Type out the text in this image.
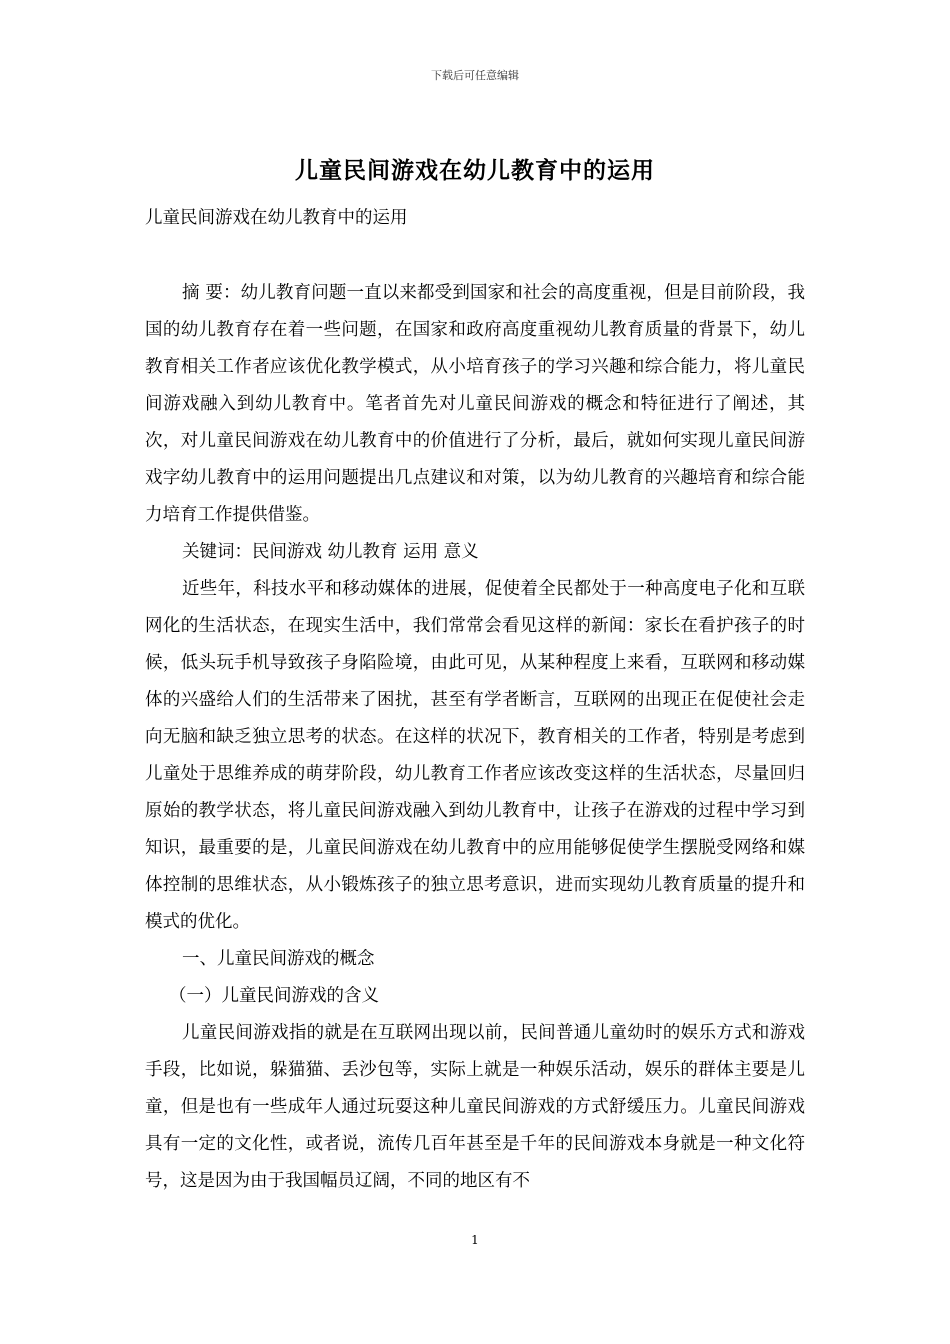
下载后可任意编辑
儿童民间游戏在幼儿教育中的运用

儿童民间游戏在幼儿教育中的运用

摘 要：幼儿教育问题一直以来都受到国家和社会的高度重视，但是目前阶段，我国的幼儿教育存在着一些问题，在国家和政府高度重视幼儿教育质量的背景下，幼儿教育相关工作者应该优化教学模式，从小培育孩子的学习兴趣和综合能力，将儿童民间游戏融入到幼儿教育中。笔者首先对儿童民间游戏的概念和特征进行了阐述，其次，对儿童民间游戏在幼儿教育中的价值进行了分析，最后，就如何实现儿童民间游戏字幼儿教育中的运用问题提出几点建议和对策，以为幼儿教育的兴趣培育和综合能力培育工作提供借鉴。

关键词：民间游戏 幼儿教育 运用 意义

近些年，科技水平和移动媒体的进展，促使着全民都处于一种高度电子化和互联网化的生活状态，在现实生活中，我们常常会看见这样的新闻：家长在看护孩子的时候，低头玩手机导致孩子身陷险境，由此可见，从某种程度上来看，互联网和移动媒体的兴盛给人们的生活带来了困扰，甚至有学者断言，互联网的出现正在促使社会走向无脑和缺乏独立思考的状态。在这样的状况下，教育相关的工作者，特别是考虑到儿童处于思维养成的萌芽阶段，幼儿教育工作者应该改变这样的生活状态，尽量回归原始的教学状态，将儿童民间游戏融入到幼儿教育中，让孩子在游戏的过程中学习到知识，最重要的是，儿童民间游戏在幼儿教育中的应用能够促使学生摆脱受网络和媒体控制的思维状态，从小锻炼孩子的独立思考意识，进而实现幼儿教育质量的提升和模式的优化。

一、儿童民间游戏的概念

（一）儿童民间游戏的含义

儿童民间游戏指的就是在互联网出现以前，民间普通儿童幼时的娱乐方式和游戏手段，比如说，躲猫猫、丢沙包等，实际上就是一种娱乐活动，娱乐的群体主要是儿童，但是也有一些成年人通过玩耍这种儿童民间游戏的方式舒缓压力。儿童民间游戏具有一定的文化性，或者说，流传几百年甚至是千年的民间游戏本身就是一种文化符号，这是因为由于我国幅员辽阔，不同的地区有不

1
